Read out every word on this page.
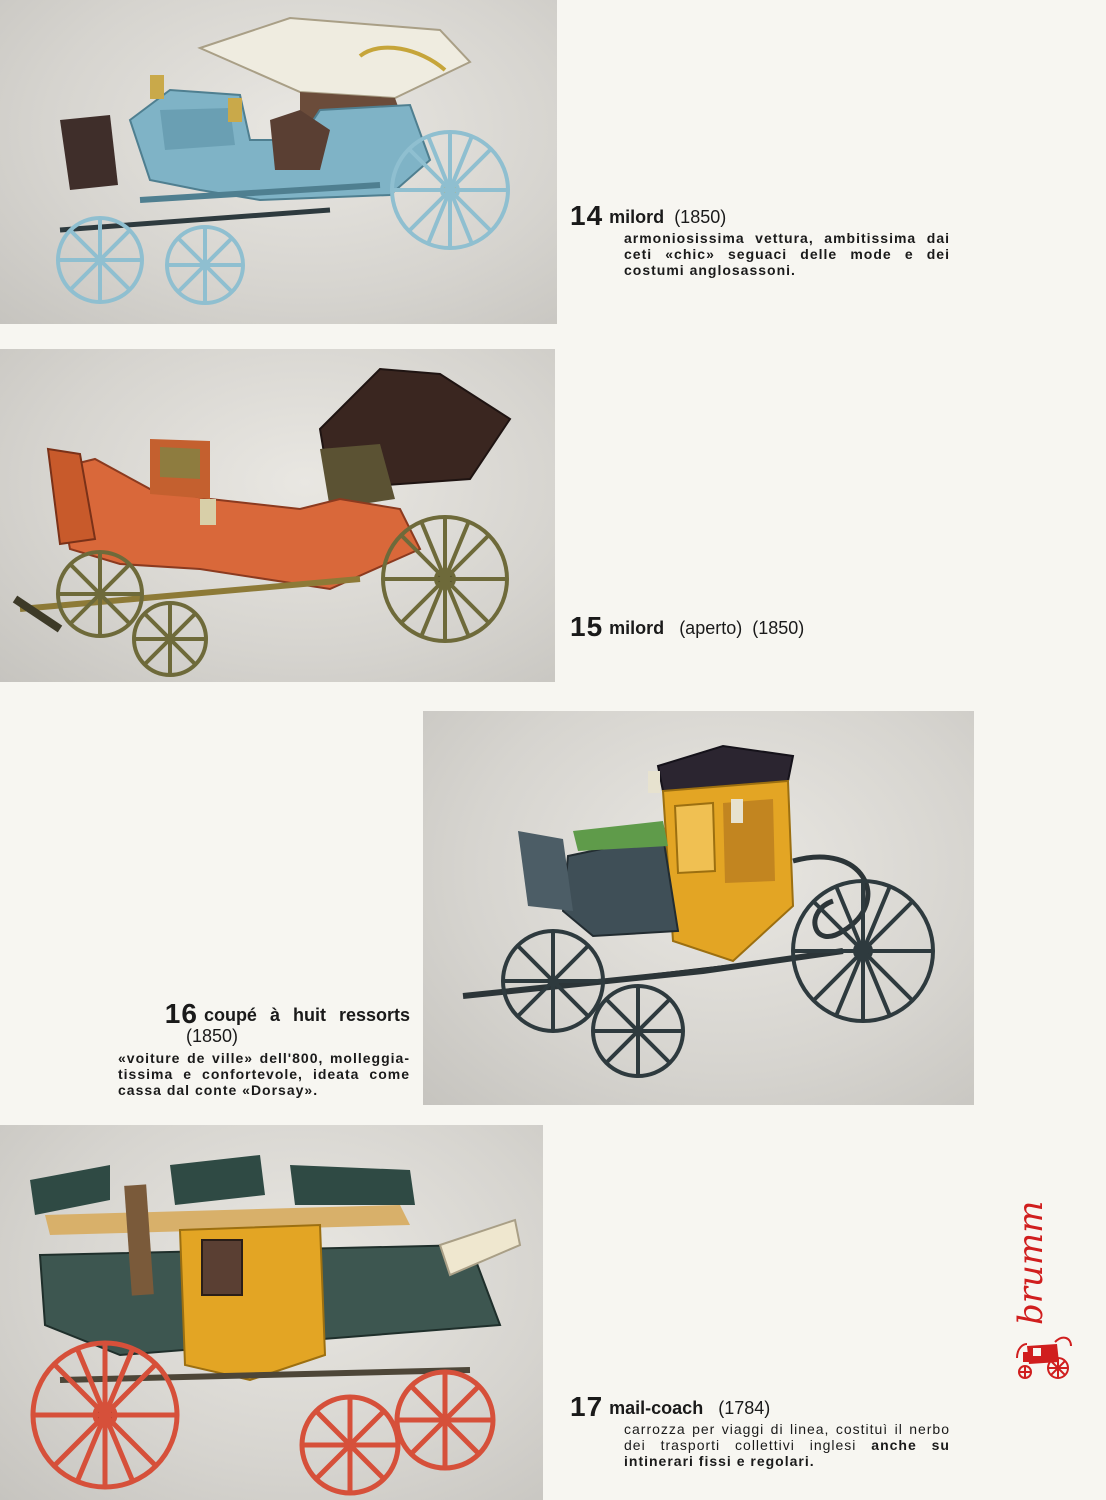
14 milord (1850)

armoniosissima vettura, ambitissima dai ceti «chic» seguaci delle mode e dei costumi anglosassoni.

15 milord (aperto) (1850)
16 coupé à huit ressorts
(1850)

«voiture de ville» dell'800, molleggia-tissima e confortevole, ideata come cassa dal conte «Dorsay».

17 mail-coach (1784)

carrozza per viaggi di linea, costituì il nerbo dei trasporti collettivi inglesi anche su intinerari fissi e regolari.

brumm
